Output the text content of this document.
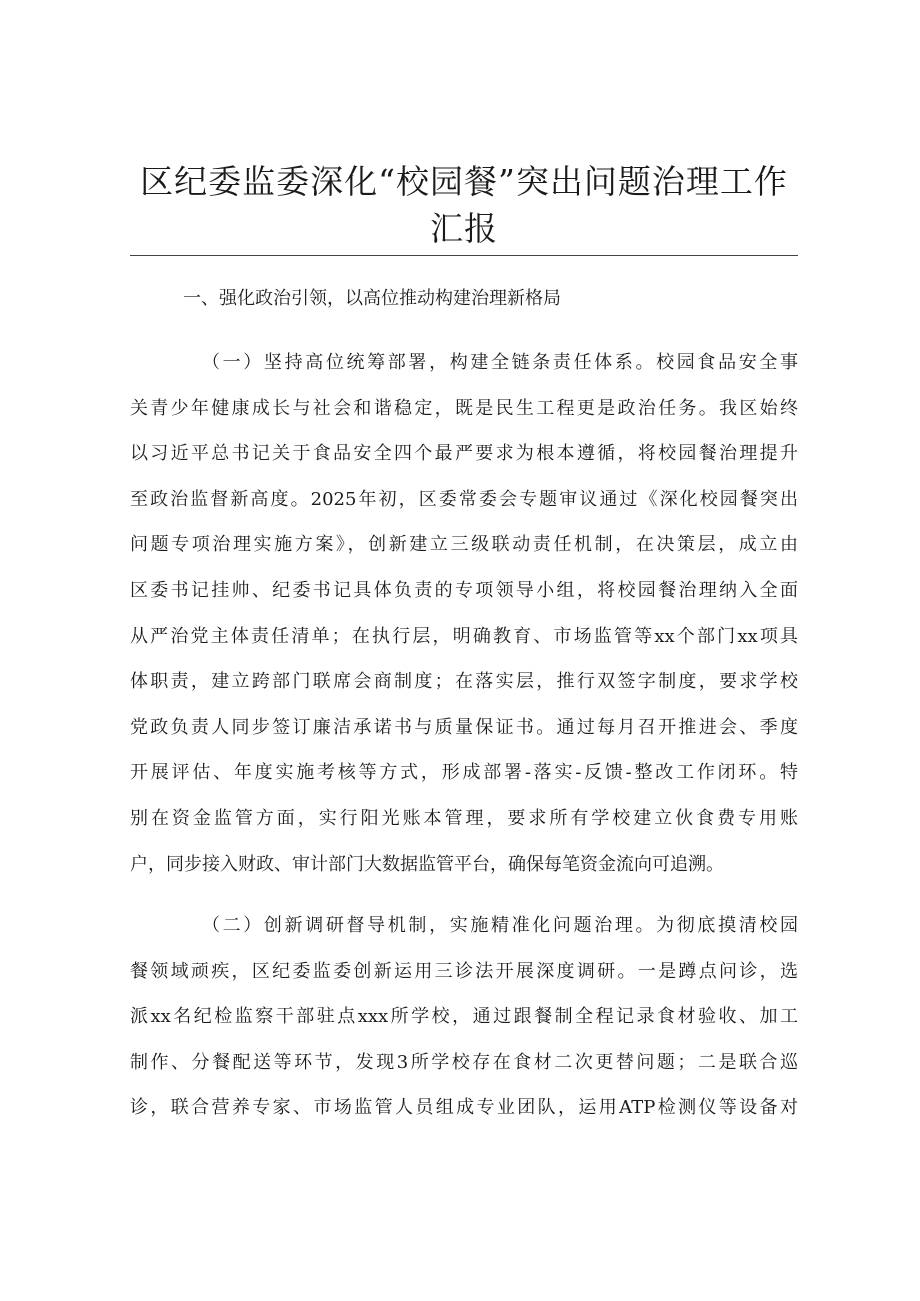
区纪委监委深化“校园餐”突出问题治理工作
汇报

一、强化政治引领，以高位推动构建治理新格局

（一）坚持高位统筹部署，构建全链条责任体系。校园食品安全事
关青少年健康成长与社会和谐稳定，既是民生工程更是政治任务。我区始终
以习近平总书记关于食品安全四个最严要求为根本遵循，将校园餐治理提升
至政治监督新高度。2025年初，区委常委会专题审议通过《深化校园餐突出
问题专项治理实施方案》，创新建立三级联动责任机制，在决策层，成立由
区委书记挂帅、纪委书记具体负责的专项领导小组，将校园餐治理纳入全面
从严治党主体责任清单；在执行层，明确教育、市场监管等xx个部门xx项具
体职责，建立跨部门联席会商制度；在落实层，推行双签字制度，要求学校
党政负责人同步签订廉洁承诺书与质量保证书。通过每月召开推进会、季度
开展评估、年度实施考核等方式，形成部署-落实-反馈-整改工作闭环。特
别在资金监管方面，实行阳光账本管理，要求所有学校建立伙食费专用账
户，同步接入财政、审计部门大数据监管平台，确保每笔资金流向可追溯。
（二）创新调研督导机制，实施精准化问题治理。为彻底摸清校园
餐领域顽疾，区纪委监委创新运用三诊法开展深度调研。一是蹲点问诊，选
派xx名纪检监察干部驻点xxx所学校，通过跟餐制全程记录食材验收、加工
制作、分餐配送等环节，发现3所学校存在食材二次更替问题；二是联合巡
诊，联合营养专家、市场监管人员组成专业团队，运用ATP检测仪等设备对
